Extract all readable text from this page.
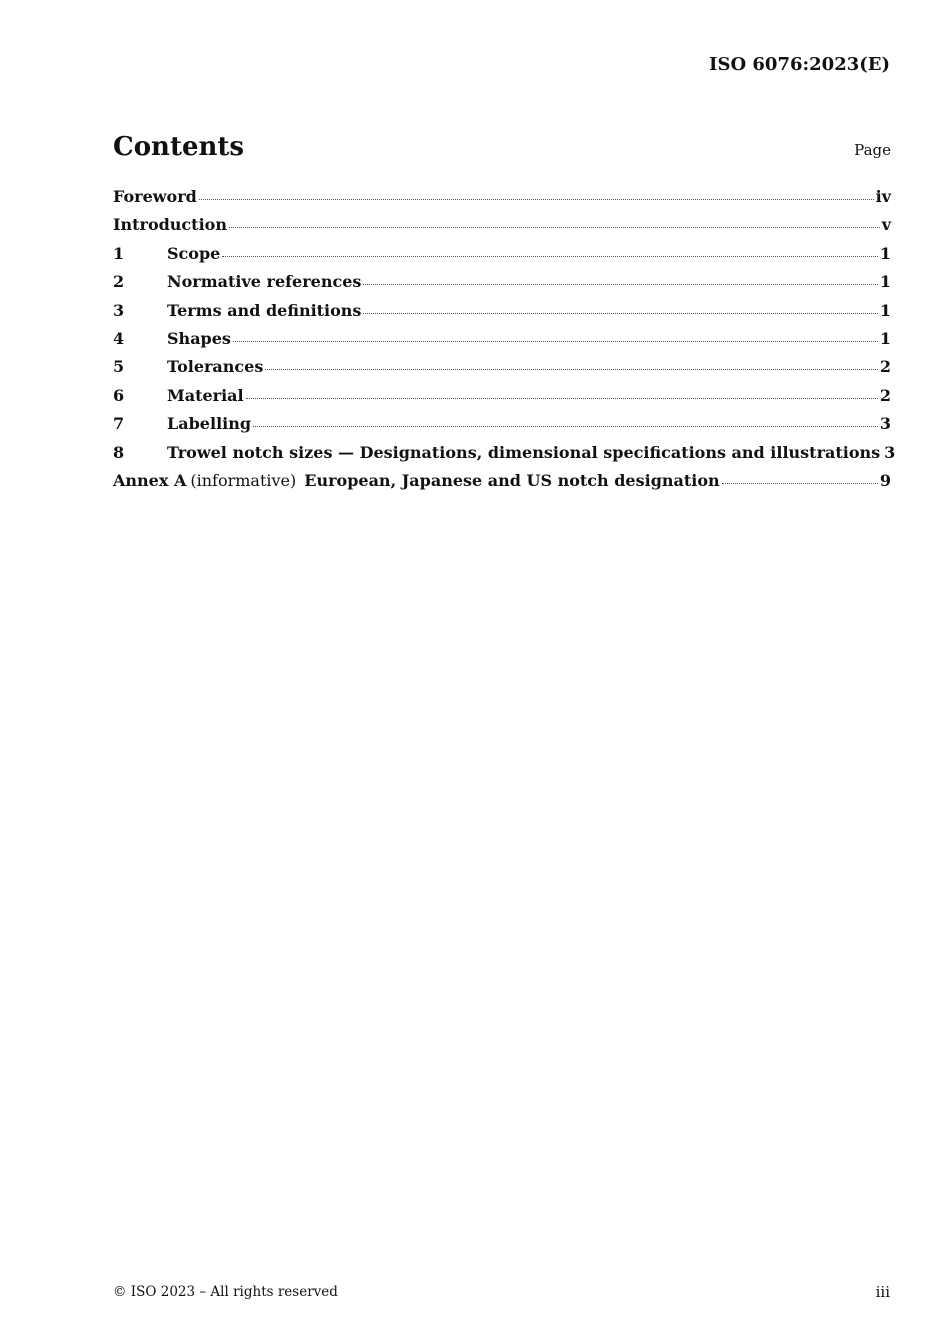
ISO 6076:2023(E)
Contents	Page
Foreword	iv
Introduction	v
1	Scope	1
2	Normative references	1
3	Terms and definitions	1
4	Shapes	1
5	Tolerances	2
6	Material	2
7	Labelling	3
8	Trowel notch sizes — Designations, dimensional specifications and illustrations 3
Annex A (informative) European, Japanese and US notch designation	9
© ISO 2023 – All rights reserved	iii
